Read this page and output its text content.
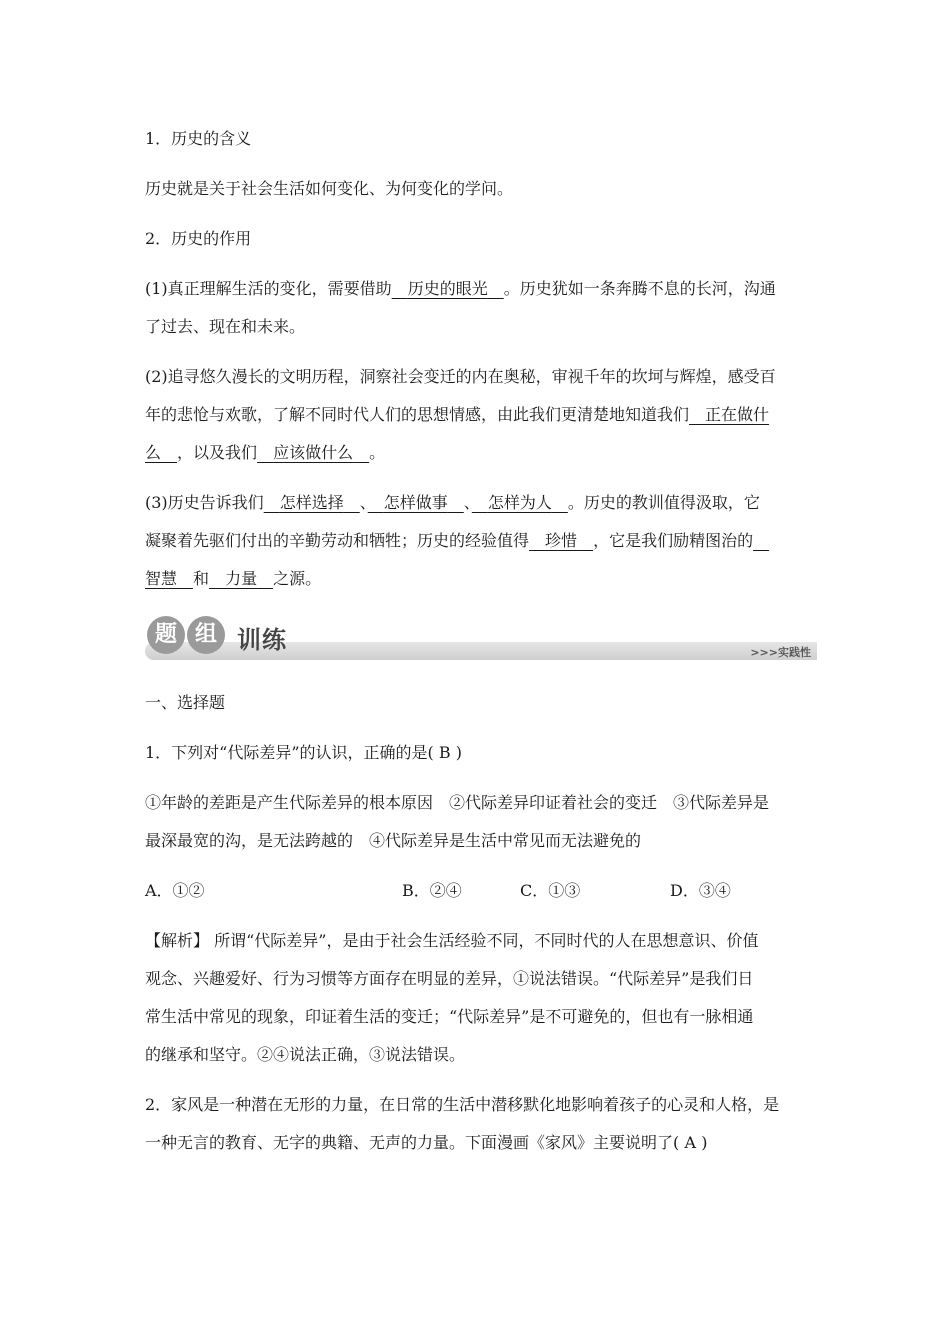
1．历史的含义
历史就是关于社会生活如何变化、为何变化的学问。
2．历史的作用
(1)真正理解生活的变化，需要借助　 历史的眼光　 。历史犹如一条奔腾不息的长河，沟通
了过去、现在和未来。
(2)追寻悠久漫长的文明历程，洞察社会变迁的内在奥秘，审视千年的坎坷与辉煌，感受百
年的悲怆与欢歌，了解不同时代人们的思想情感，由此我们更清楚地知道我们　 正在做什
么　 ，以及我们　 应该做什么　 。
(3)历史告诉我们　 怎样选择　 、　 怎样做事　 、　 怎样为人　 。历史的教训值得汲取，它
凝聚着先驱们付出的辛勤劳动和牺牲；历史的经验值得　 珍惜　 ，它是我们励精图治的　
智慧　 和　 力量　 之源。
题 组 训练	>>>实践性
一、选择题
1．下列对“代际差异”的认识，正确的是( B )
①年龄的差距是产生代际差异的根本原因　②代际差异印证着社会的变迁　③代际差异是
最深最宽的沟，是无法跨越的　④代际差异是生活中常见而无法避免的
A．①②	B．②④	C．①③	D．③④
【解析】 所谓“代际差异”，是由于社会生活经验不同，不同时代的人在思想意识、价值
观念、兴趣爱好、行为习惯等方面存在明显的差异，①说法错误。“代际差异”是我们日
常生活中常见的现象，印证着生活的变迁；“代际差异”是不可避免的，但也有一脉相通
的继承和坚守。②④说法正确，③说法错误。
2．家风是一种潜在无形的力量，在日常的生活中潜移默化地影响着孩子的心灵和人格，是
一种无言的教育、无字的典籍、无声的力量。下面漫画《家风》主要说明了( A )
